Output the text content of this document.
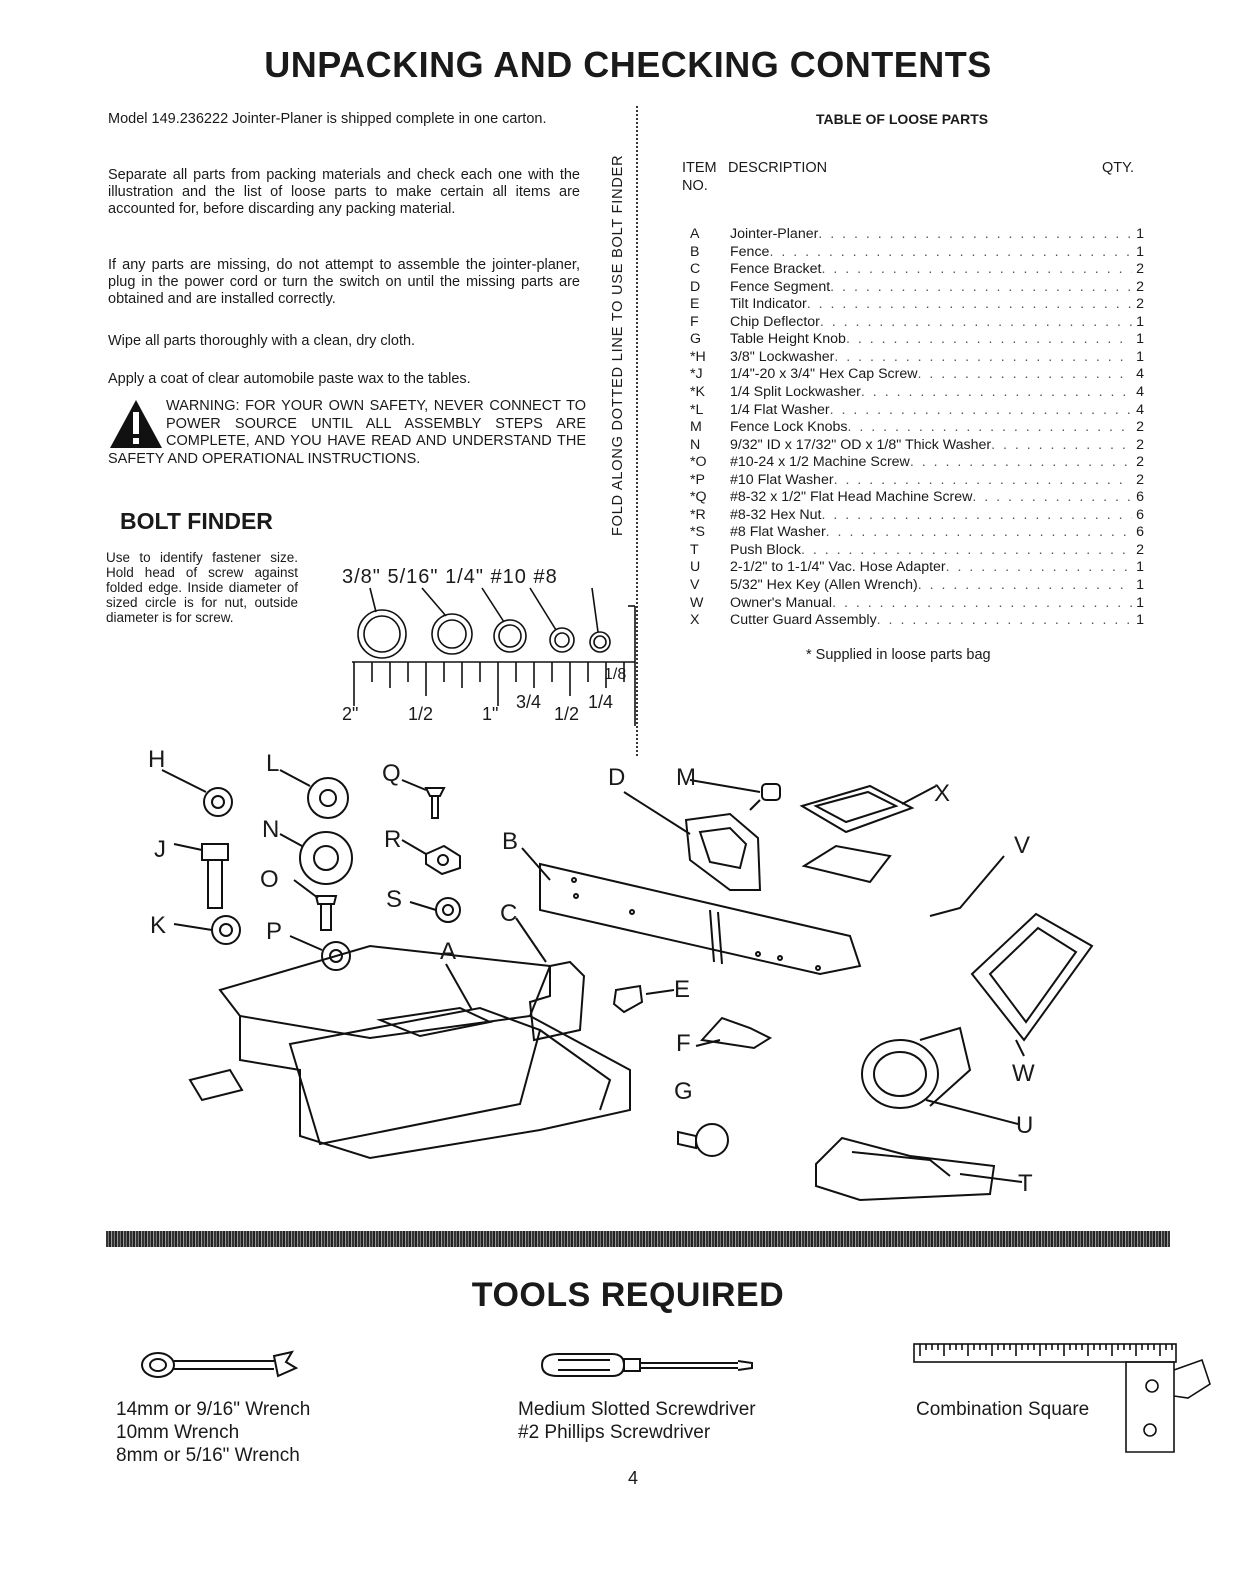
UNPACKING AND CHECKING CONTENTS

Model 149.236222 Jointer-Planer is shipped complete in one carton.

Separate all parts from packing materials and check each one with the illustration and the list of loose parts to make certain all items are accounted for, before discarding any packing material.

If any parts are missing, do not attempt to assemble the jointer-planer, plug in the power cord or turn the switch on until the missing parts are obtained and are installed correctly.

Wipe all parts thoroughly with a clean, dry cloth.

Apply a coat of clear automobile paste wax to the tables.

WARNING: FOR YOUR OWN SAFETY, NEVER CONNECT TO POWER SOURCE UNTIL ALL ASSEMBLY STEPS ARE COMPLETE, AND YOU HAVE READ AND UNDERSTAND THE SAFETY AND OPERATIONAL INSTRUCTIONS.
BOLT FINDER
Use to identify fastener size. Hold head of screw against folded edge. Inside diameter of sized circle is for nut, outside diameter is for screw.
3/8" 5/16" 1/4" #10 #8
2"	1/2	1"
3/4
1/2
1/4
1/8
FOLD ALONG DOTTED LINE TO USE BOLT FINDER
TABLE OF LOOSE PARTS
ITEM
NO.
DESCRIPTION	QTY.
A	Jointer-Planer . . .	1
B	Fence . . .	1
C	Fence Bracket . . .	2
D	Fence Segment . . .	2
E	Tilt Indicator . . .	2
F	Chip Deflector . . .	1
G	Table Height Knob . . .	1
*H	3/8" Lockwasher . . .	1
*J	1/4"-20 x 3/4" Hex Cap Screw . . .	4
*K	1/4 Split Lockwasher . . .	4
*L	1/4 Flat Washer . . .	4
M	Fence Lock Knobs . . .	2
N	9/32" ID x 17/32" OD x 1/8" Thick Washer . . .	2
*O	#10-24 x 1/2 Machine Screw . . .	2
*P	#10 Flat Washer . . .	2
*Q	#8-32 x 1/2" Flat Head Machine Screw . . .	6
*R	#8-32 Hex Nut . . .	6
*S	#8 Flat Washer . . .	6
T	Push Block . . .	2
U	2-1/2" to 1-1/4" Vac. Hose Adapter . . .	1
V	5/32" Hex Key (Allen Wrench) . . .	1
W	Owner's Manual . . .	1
X	Cutter Guard Assembly . . .	1
* Supplied in loose parts bag
H	L	Q	D M
X
J
N	R	B	V
O
S
C
K	P
A
E
F
W
G
U
T
TOOLS REQUIRED
14mm or 9/16" Wrench
10mm Wrench
8mm or 5/16" Wrench
Medium Slotted Screwdriver
#2 Phillips Screwdriver
Combination Square
4
